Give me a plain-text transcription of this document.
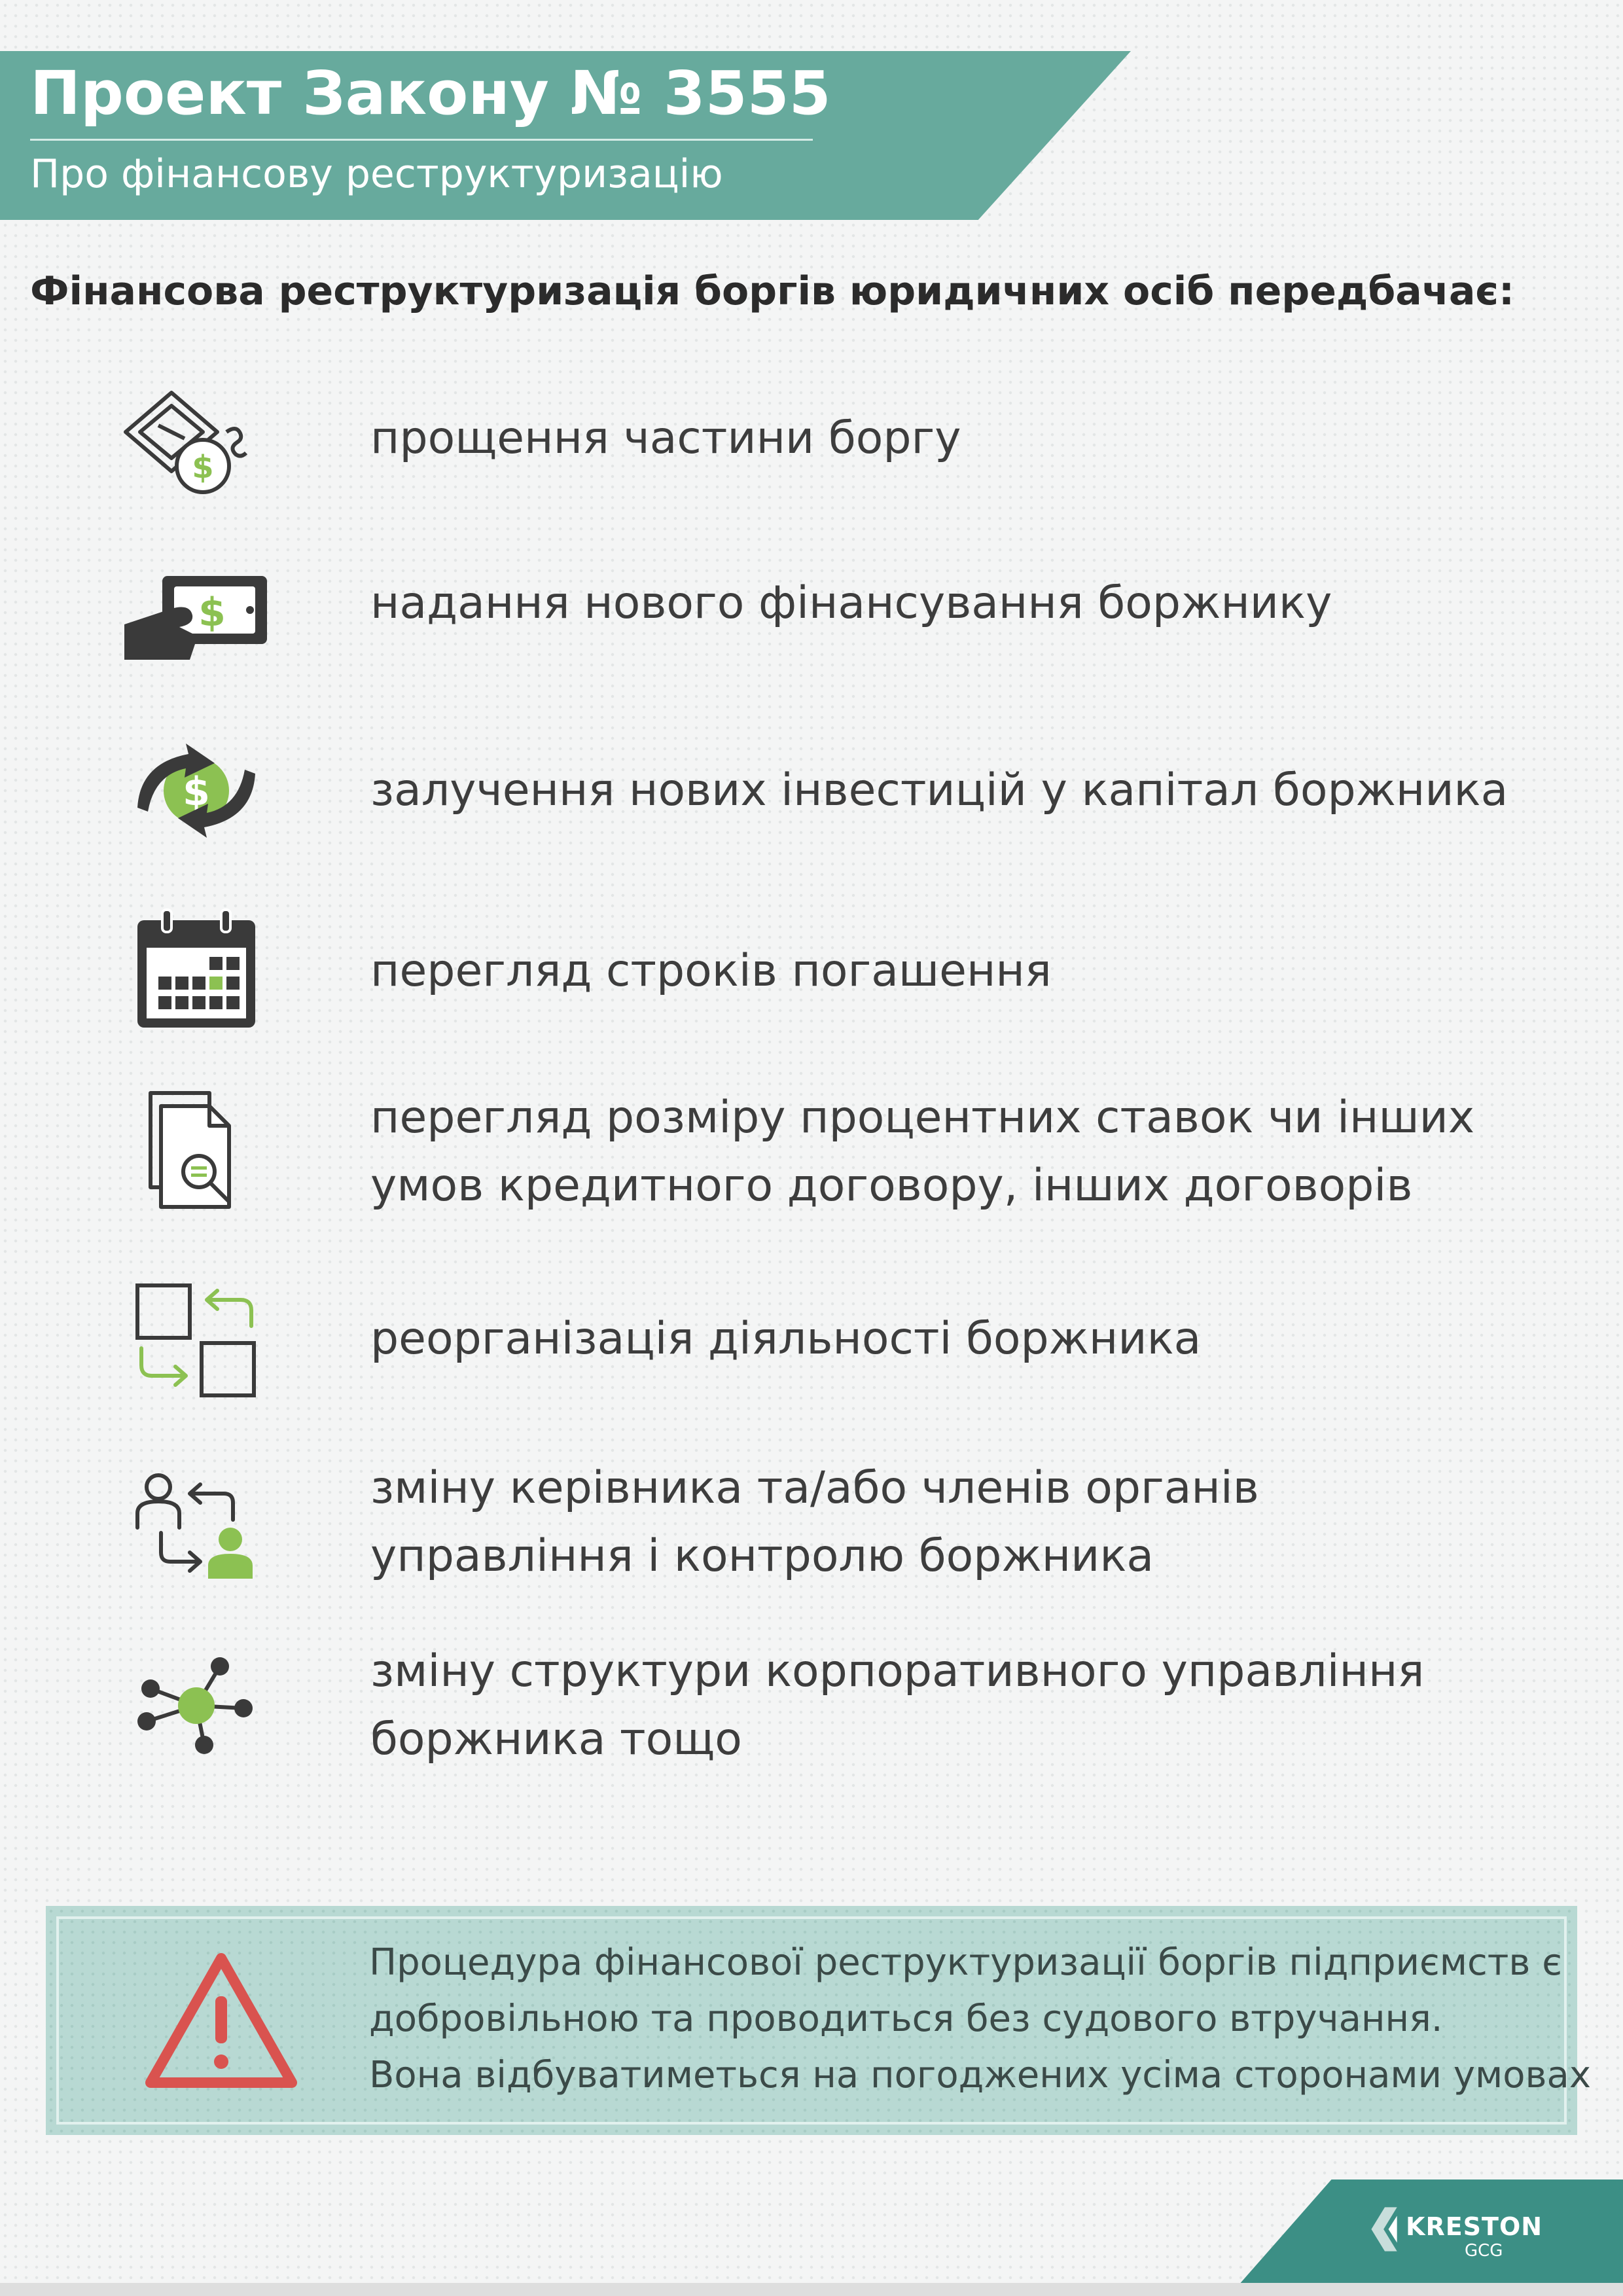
Проект Закону № 3555
Про фінансову реструктуризацію
Фінансова реструктуризація боргів юридичних осіб передбачає:
$
прощення частини боргу
$	надання нового фінансування боржнику
$	залучення нових інвестицій у капітал боржника
перегляд строків погашення
перегляд розміру процентних ставок чи інших
умов кредитного договору, інших договорів
реорганізація діяльності боржника
зміну керівника та/або членів органів
управління і контролю боржника
зміну структури корпоративного управління
боржника тощо
Процедура фінансової реструктуризації боргів підприємств є
добровільною та проводиться без судового втручання.
Вона відбуватиметься на погоджених усіма сторонами умовах
KRESTON
GCG
